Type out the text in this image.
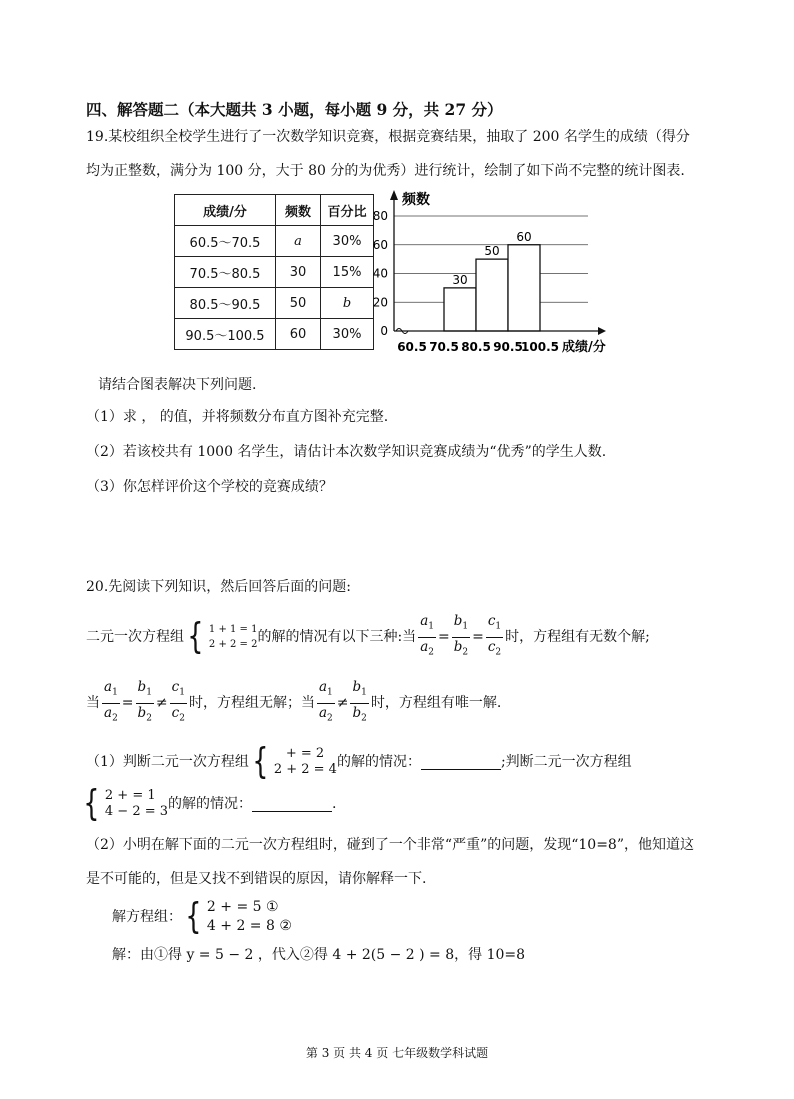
四、解答题二（本大题共 3 小题，每小题 9 分，共 27 分）
19.某校组织全校学生进行了一次数学知识竞赛，根据竞赛结果，抽取了 200 名学生的成绩（得分
均为正整数，满分为 100 分，大于 80 分的为优秀）进行统计，绘制了如下尚不完整的统计图表.
成绩/分	频数	百分比
60.5～70.5	a	30%
70.5～80.5	30	15%
80.5～90.5	50	b
90.5～100.5	60	30% 0
20
40
60
80
30
50
60
60.5 70.5 80.5 90.5
100.5
频数
成绩/分
请结合图表解决下列问题.
（1）求 ， 的值，并将频数分布直方图补充完整.
（2）若该校共有 1000 名学生，请估计本次数学知识竞赛成绩为“优秀”的学生人数.
（3）你怎样评价这个学校的竞赛成绩？
20.先阅读下列知识，然后回答后面的问题:
二元一次方程组 { 1 + 1 = 1
2 + 2 = 2 的解的情况有以下三种:当 $\frac{a_1}{a_2} = \frac{b_1}{b_2} = \frac{c_1}{c_2}$ 时，方程组有无数个解;
当 $\frac{a_1}{a_2} = \frac{b_1}{b_2} \ne \frac{c_1}{c_2}$ 时，方程组无解；当 $\frac{a_1}{a_2} \ne \frac{b_1}{b_2}$ 时，方程组有唯一解.
（1）判断二元一次方程组 {	+ = 2
2 + 2 = 4 的解的情况：	;判断二元一次方程组
{ 2 + = 1
4 − 2 = 3 的解的情况：	.
（2）小明在解下面的二元一次方程组时，碰到了一个非常“严重”的问题，发现“10=8”，他知道这
是不可能的，但是又找不到错误的原因，请你解释一下.
解方程组： { 2 + = 5 ①
4 + 2 = 8 ②
解：由①得 y = 5 − 2 ，代入②得 4 + 2(5 − 2 ) = 8，得 10=8
第 3 页 共 4 页 七年级数学科试题
